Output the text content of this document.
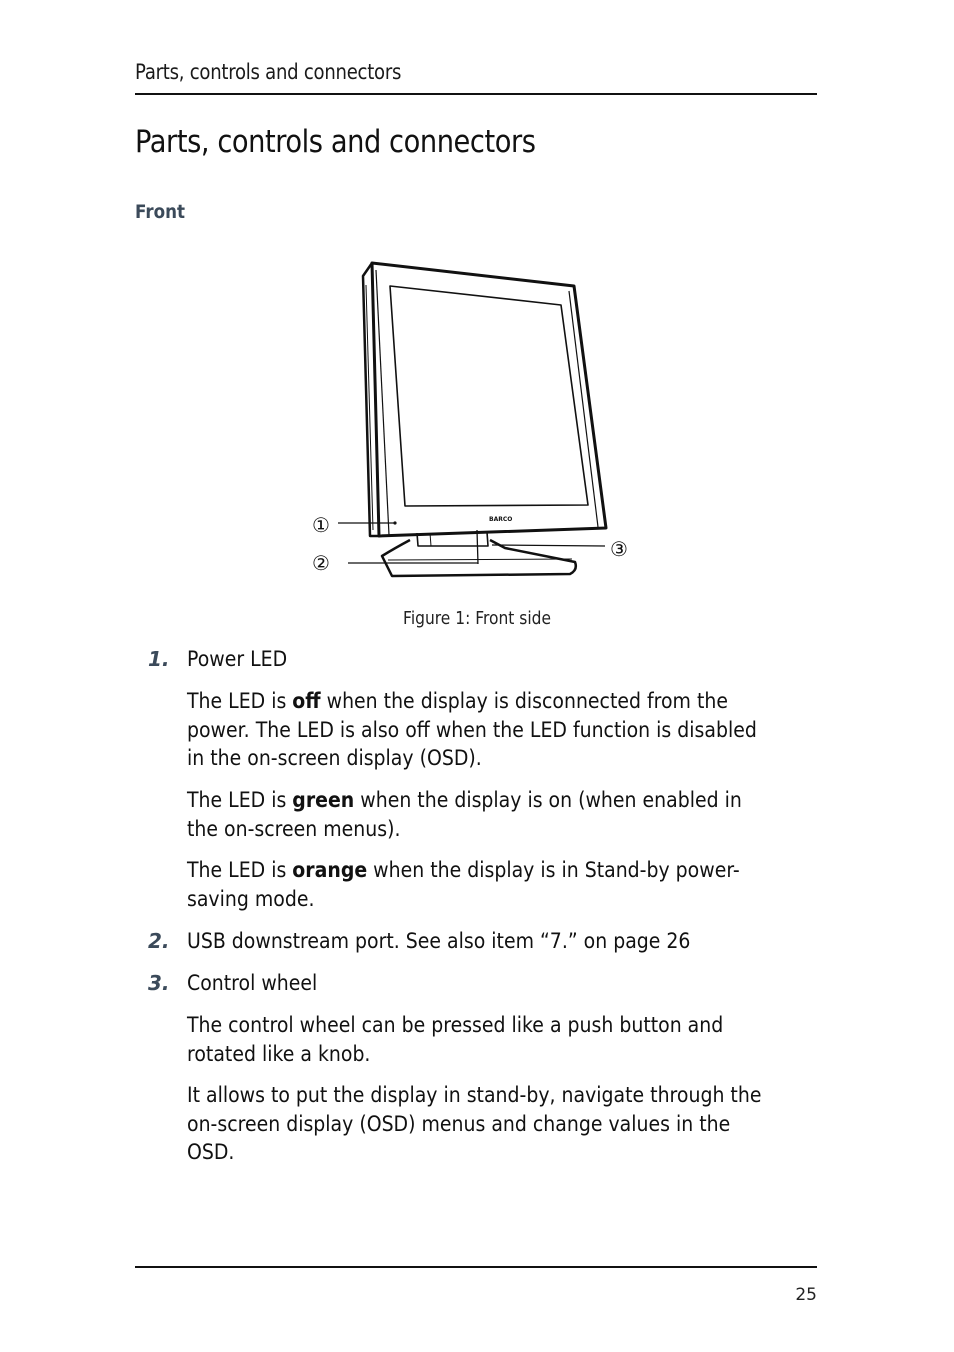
Parts, controls and connectors
Parts, controls and connectors
Front
BARCO
①
②
③
Figure 1: Front side
1. Power LED

The LED is off when the display is disconnected from the power. The LED is also off when the LED function is disabled in the on-screen display (OSD).

The LED is green when the display is on (when enabled in the on-screen menus).

The LED is orange when the display is in Stand-by power-saving mode.

2. USB downstream port. See also item “7.” on page 26

3. Control wheel

The control wheel can be pressed like a push button and rotated like a knob.

It allows to put the display in stand-by, navigate through the on-screen display (OSD) menus and change values in the OSD.

25
